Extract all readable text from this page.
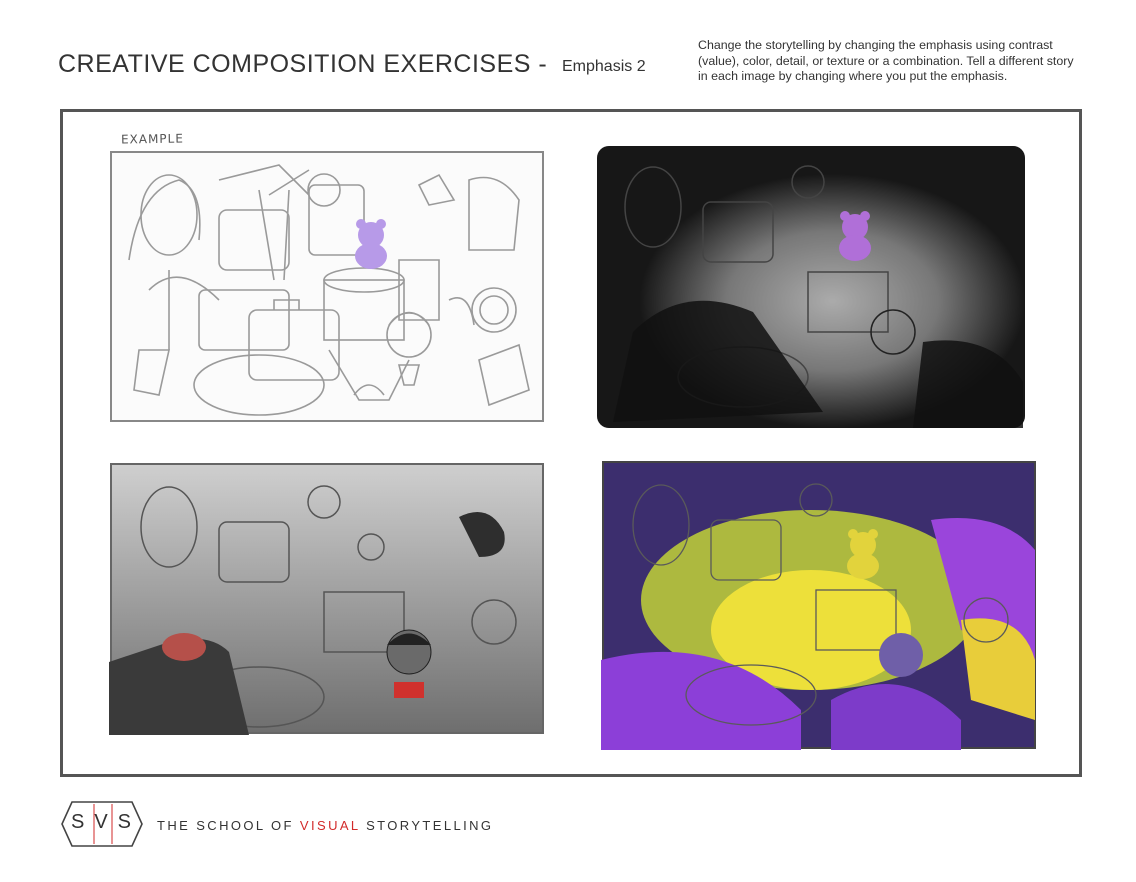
CREATIVE COMPOSITION EXERCISES - Emphasis 2
Change the storytelling by changing the emphasis using contrast (value), color, detail, or texture or a combination. Tell a different story in each image by changing where you put the emphasis.
EXAMPLE
SVS THE SCHOOL OF VISUAL STORYTELLING
